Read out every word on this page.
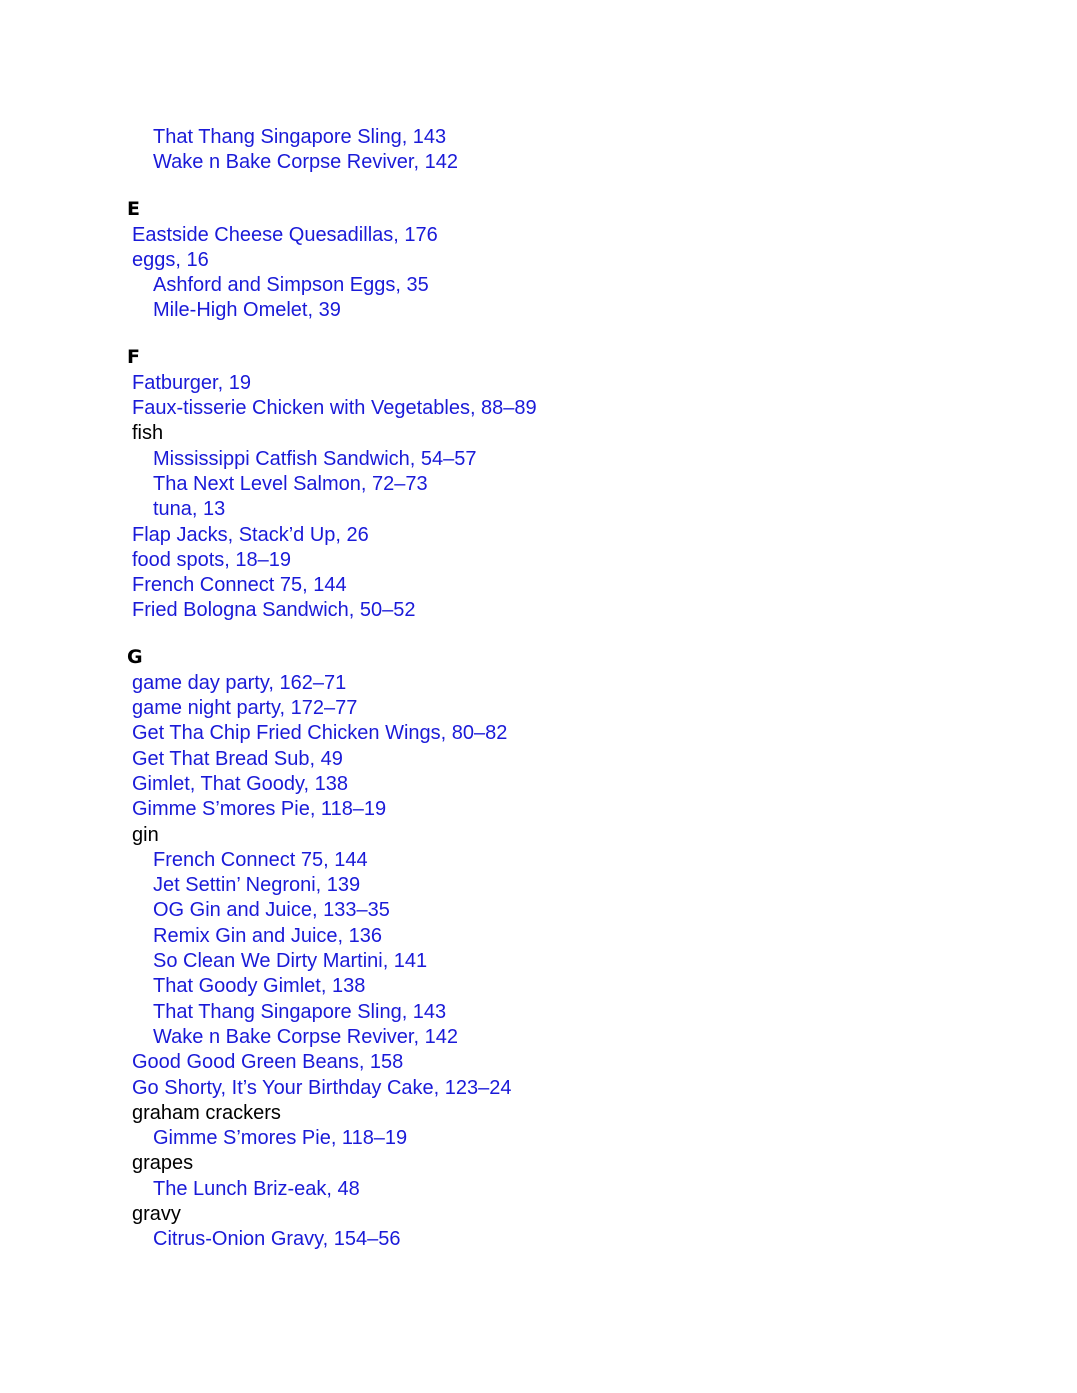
That Thang Singapore Sling, 143
Wake n Bake Corpse Reviver, 142
E
Eastside Cheese Quesadillas, 176
eggs, 16
Ashford and Simpson Eggs, 35
Mile-High Omelet, 39
F
Fatburger, 19
Faux-tisserie Chicken with Vegetables, 88–89
fish
Mississippi Catfish Sandwich, 54–57
Tha Next Level Salmon, 72–73
tuna, 13
Flap Jacks, Stack’d Up, 26
food spots, 18–19
French Connect 75, 144
Fried Bologna Sandwich, 50–52
G
game day party, 162–71
game night party, 172–77
Get Tha Chip Fried Chicken Wings, 80–82
Get That Bread Sub, 49
Gimlet, That Goody, 138
Gimme S’mores Pie, 118–19
gin
French Connect 75, 144
Jet Settin’ Negroni, 139
OG Gin and Juice, 133–35
Remix Gin and Juice, 136
So Clean We Dirty Martini, 141
That Goody Gimlet, 138
That Thang Singapore Sling, 143
Wake n Bake Corpse Reviver, 142
Good Good Green Beans, 158
Go Shorty, It’s Your Birthday Cake, 123–24
graham crackers
Gimme S’mores Pie, 118–19
grapes
The Lunch Briz-eak, 48
gravy
Citrus-Onion Gravy, 154–56
